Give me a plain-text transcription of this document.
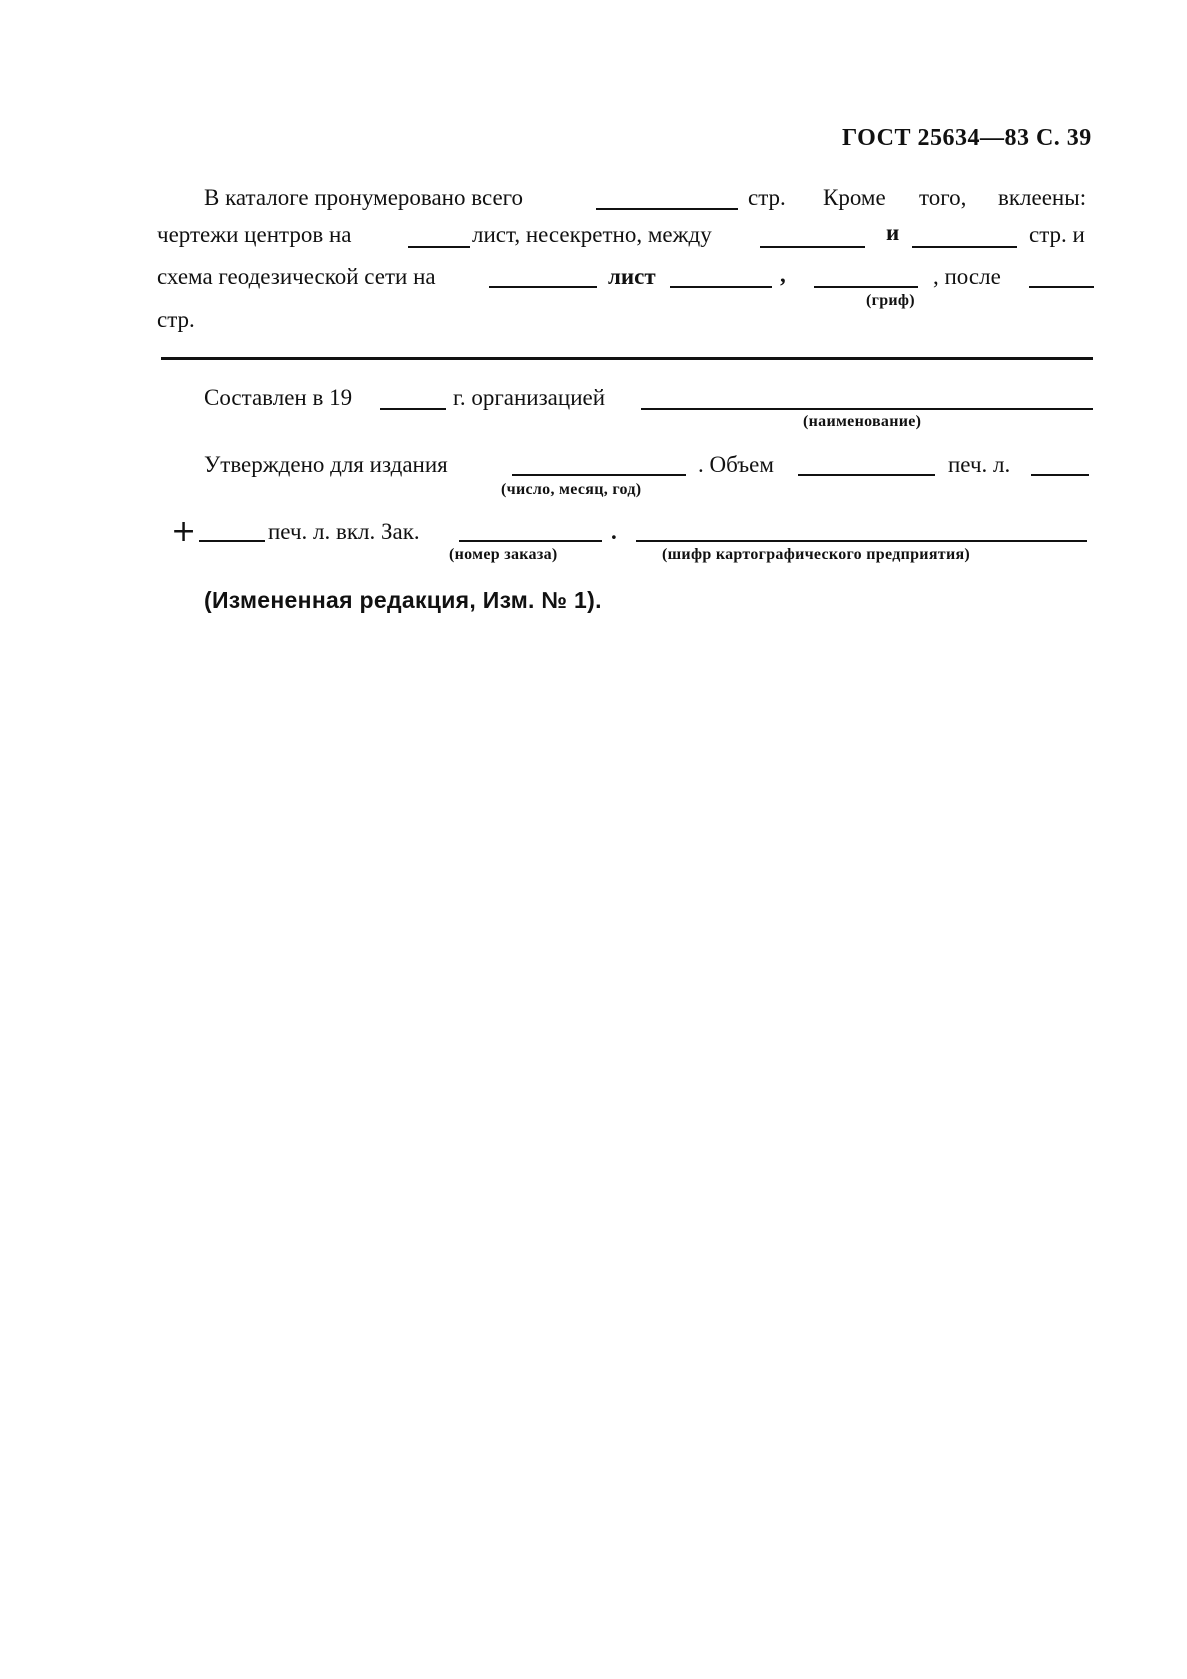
ГОСТ 25634—83 С. 39
В каталоге пронумеровано всего	стр. Кроме того, вклеены:
чертежи центров на	лист, несекретно, между	и	стр. и
схема геодезической сети на	лист	,
(гриф)
, после
стр.
Составлен в 19	г. организацией
(наименование)
Утверждено для издания
(число, месяц, год)
. Объем	печ. л.
+	печ. л. вкл. Зак.
(номер заказа)
.
(шифр картографического предприятия)
(Измененная редакция, Изм. № 1).
